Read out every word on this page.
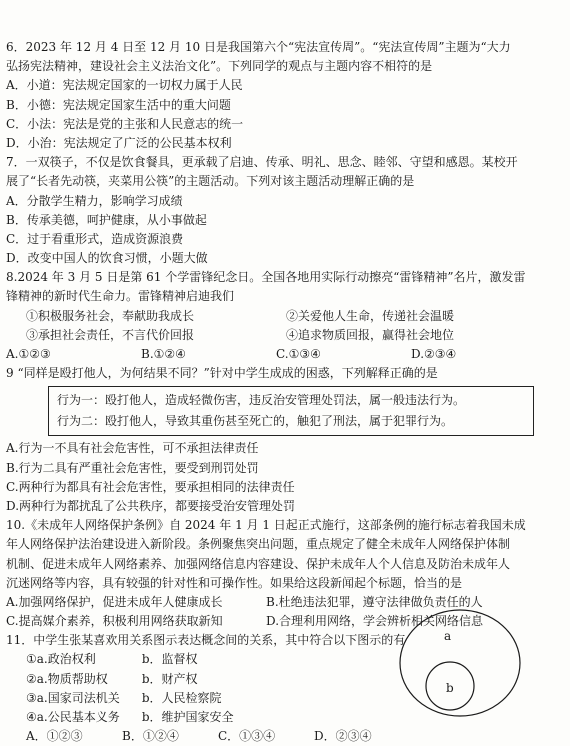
6．2023 年 12 月 4 日至 12 月 10 日是我国第六个“宪法宣传周”。“宪法宣传周”主题为“大力
弘扬宪法精神，建设社会主义法治文化”。下列同学的观点与主题内容不相符的是
A．小道：宪法规定国家的一切权力属于人民
B．小德：宪法规定国家生活中的重大问题
C．小法：宪法是党的主张和人民意志的统一
D．小治：宪法规定了广泛的公民基本权利
7．一双筷子，不仅是饮食餐具，更承载了启迪、传承、明礼、思念、睦邻、守望和感恩。某校开
展了“长者先动筷，夹菜用公筷”的主题活动。下列对该主题活动理解正确的是
A．分散学生精力，影响学习成绩
B．传承美德，呵护健康，从小事做起
C．过于看重形式，造成资源浪费
D．改变中国人的饮食习惯，小题大做
8.2024 年 3 月 5 日是第 61 个学雷锋纪念日。全国各地用实际行动擦亮“雷锋精神”名片，激发雷
锋精神的新时代生命力。雷锋精神启迪我们
①积极服务社会，奉献助我成长	②关爱他人生命，传递社会温暖
③承担社会责任，不言代价回报	④追求物质回报，赢得社会地位
A.①②③	B.①②④	C.①③④	D.②③④
9 “同样是殴打他人，为何结果不同？”针对中学生成成的困惑，下列解释正确的是
行为一：殴打他人，造成轻微伤害，违反治安管理处罚法，属一般违法行为。
行为二：殴打他人，导致其重伤甚至死亡的，触犯了刑法，属于犯罪行为。
A.行为一不具有社会危害性，可不承担法律责任
B.行为二具有严重社会危害性，要受到刑罚处罚
C.两种行为都具有社会危害性，要承担相同的法律责任
D.两种行为都扰乱了公共秩序，都要接受治安管理处罚
10.《未成年人网络保护条例》自 2024 年 1 月 1 日起正式施行，这部条例的施行标志着我国未成
年人网络保护法治建设进入新阶段。条例聚焦突出问题，重点规定了健全未成年人网络保护体制
机制、促进未成年人网络素养、加强网络信息内容建设、保护未成年人个人信息及防治未成年人
沉迷网络等内容，具有较强的针对性和可操作性。如果给这段新闻起个标题，恰当的是
A.加强网络保护，促进未成年人健康成长	B.杜绝违法犯罪，遵守法律做负责任的人
C.提高媒介素养，积极利用网络获取新知	D.合理利用网络，学会辨析相关网络信息
11．中学生张某喜欢用关系图示表达概念间的关系，其中符合以下图示的有
①a.政治权利	b．监督权
②a.物质帮助权	b．财产权
③a.国家司法机关 b．人民检察院
④a.公民基本义务 b．维护国家安全
A．①②③	B．①②④	C．①③④	D．②③④
a
b
